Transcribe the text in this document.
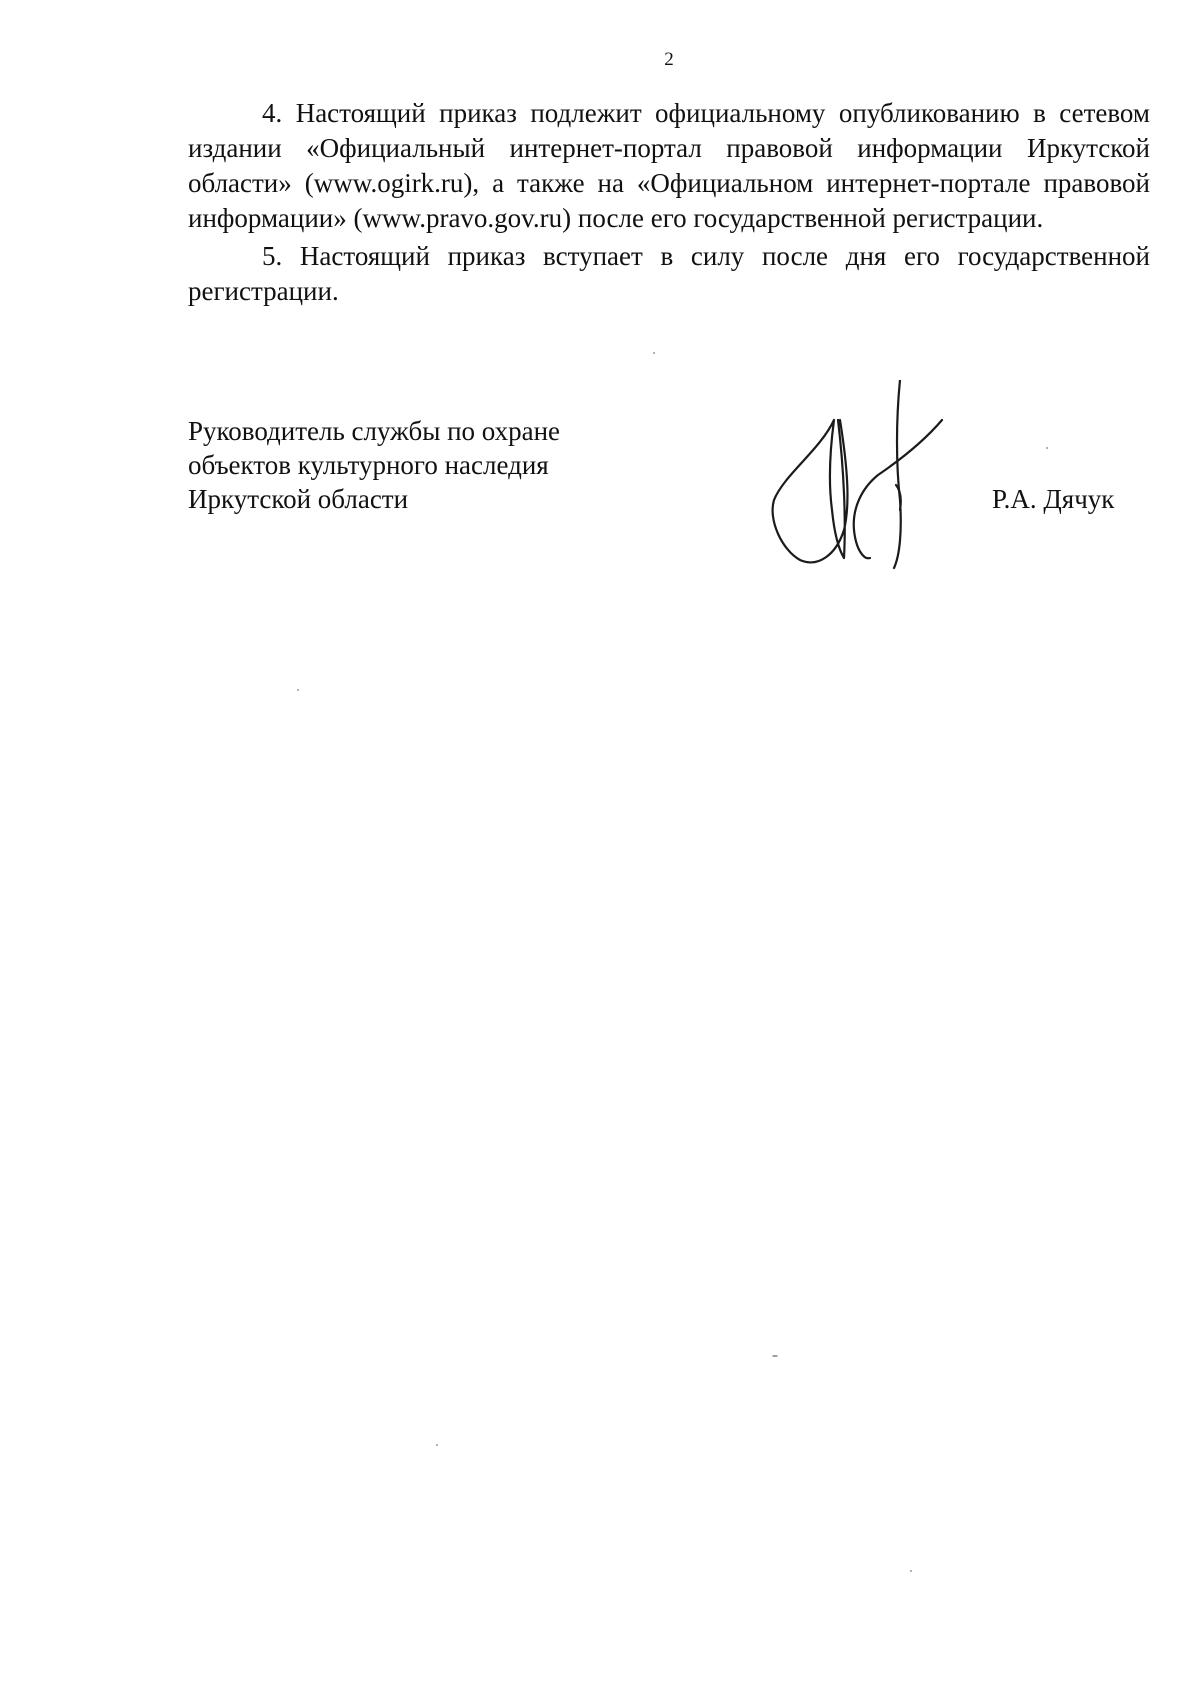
2

4. Настоящий приказ подлежит официальному опубликованию в сетевом издании «Официальный интернет-портал правовой информации Иркутской области» (www.ogirk.ru), а также на «Официальном интернет-портале правовой информации» (www.pravo.gov.ru) после его государственной регистрации.

5. Настоящий приказ вступает в силу после дня его государственной регистрации.

Руководитель службы по охране
объектов культурного наследия
Иркутской области	Р.А. Дячук
